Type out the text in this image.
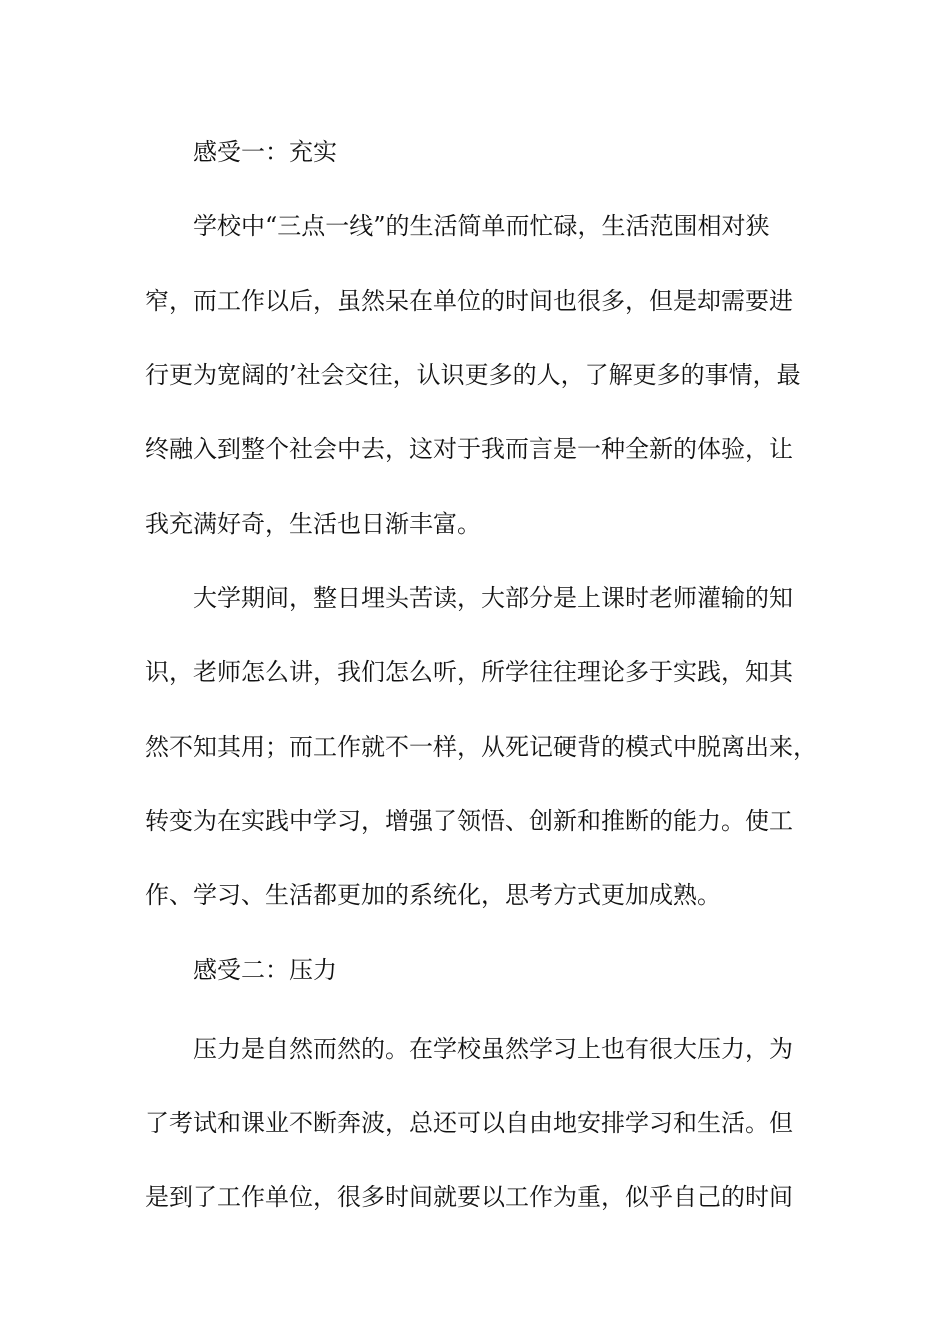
感受一：充实
学校中“三点一线”的生活简单而忙碌，生活范围相对狭
窄，而工作以后，虽然呆在单位的时间也很多，但是却需要进
行更为宽阔的’社会交往，认识更多的人，了解更多的事情，最
终融入到整个社会中去，这对于我而言是一种全新的体验，让
我充满好奇，生活也日渐丰富。
大学期间，整日埋头苦读，大部分是上课时老师灌输的知
识，老师怎么讲，我们怎么听，所学往往理论多于实践，知其
然不知其用；而工作就不一样，从死记硬背的模式中脱离出来，
转变为在实践中学习，增强了领悟、创新和推断的能力。使工
作、学习、生活都更加的系统化，思考方式更加成熟。
感受二：压力
压力是自然而然的。在学校虽然学习上也有很大压力，为
了考试和课业不断奔波，总还可以自由地安排学习和生活。但
是到了工作单位，很多时间就要以工作为重，似乎自己的时间
